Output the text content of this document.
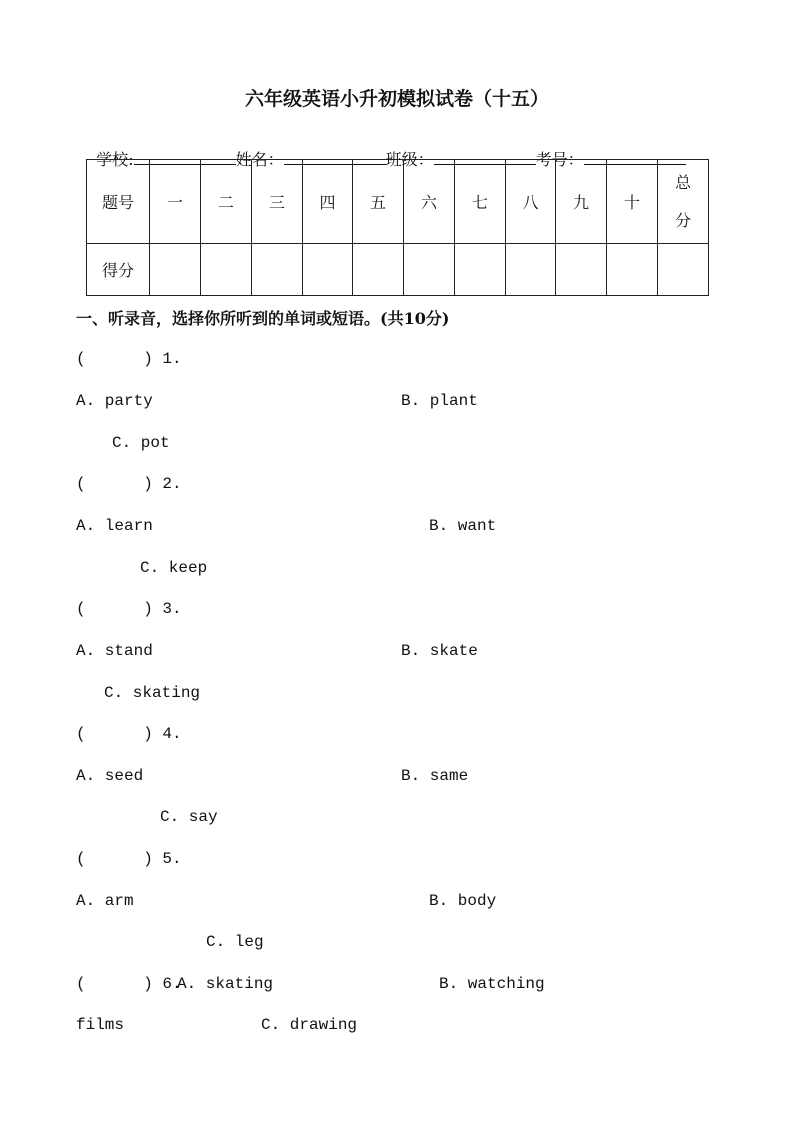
六年级英语小升初模拟试卷（十五）

学校:	姓名：	班级：	考号：

题号	一	二	三	四	五	六	七	八	九	十	总
分
得分											
一、听录音，选择你所听到的单词或短语。(共10分)
(      ) 1.
A. party	B. plant
C. pot
(      ) 2.
A. learn	B. want
C. keep
(      ) 3.
A. stand	B. skate
C. skating
(      ) 4.
A. seed	B. same
C. say
(      ) 5.
A. arm	B. body
C. leg
(      ) 6.
A. skating	B. watching
films	C. drawing
